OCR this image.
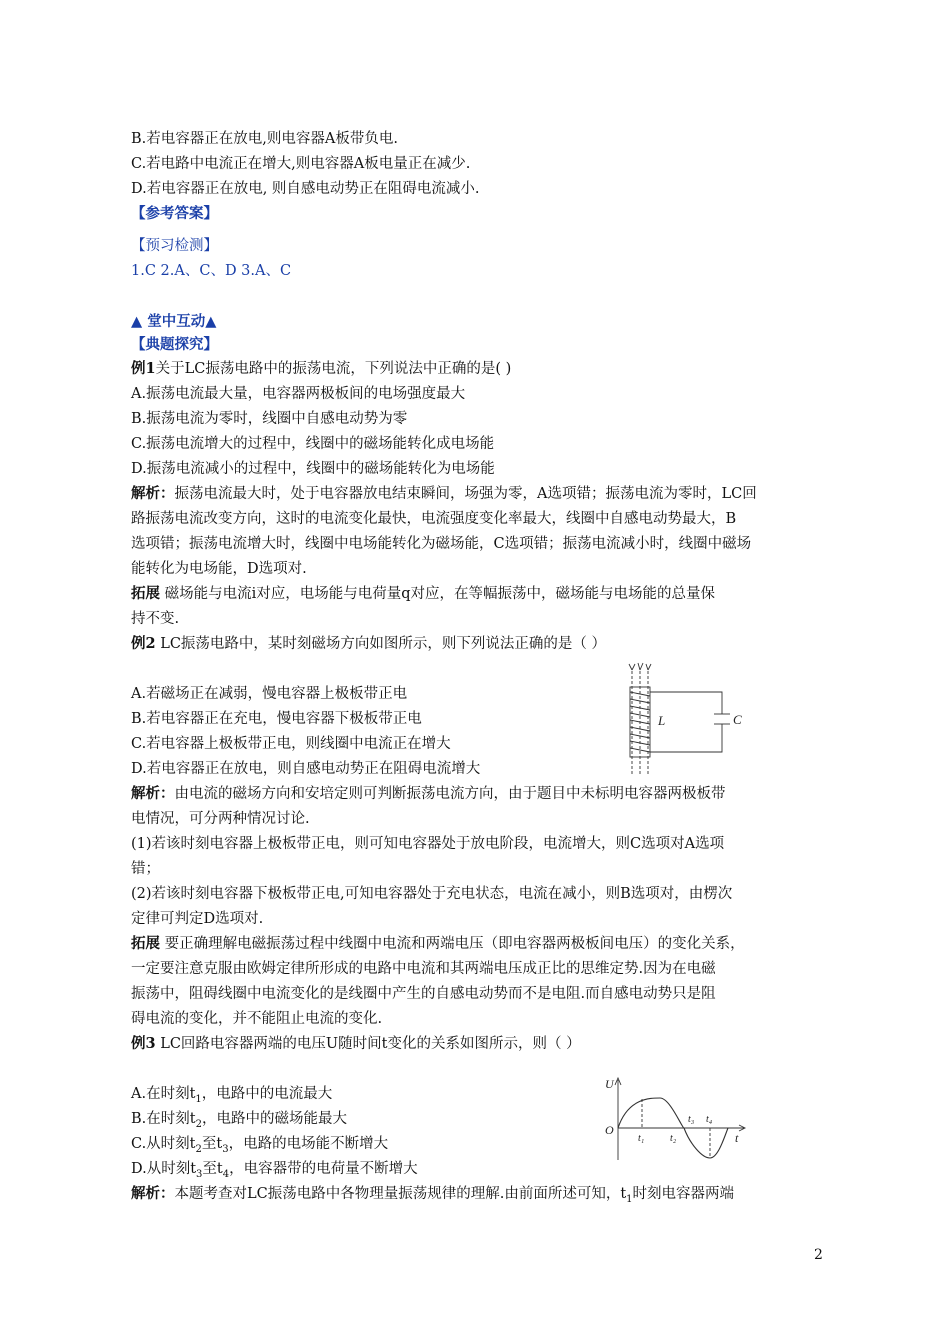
B.若电容器正在放电,则电容器A板带负电.
C.若电路中电流正在增大,则电容器A板电量正在减少.
D.若电容器正在放电, 则自感电动势正在阻碍电流减小.
【参考答案】
【预习检测】
1.C 2.A、C、D 3.A、C
▲ 堂中互动▲
【典题探究】
例1关于LC振荡电路中的振荡电流，下列说法中正确的是( )
A.振荡电流最大量，电容器两极板间的电场强度最大
B.振荡电流为零时，线圈中自感电动势为零
C.振荡电流增大的过程中，线圈中的磁场能转化成电场能
D.振荡电流减小的过程中，线圈中的磁场能转化为电场能
解析：振荡电流最大时，处于电容器放电结束瞬间，场强为零，A选项错；振荡电流为零时，LC回
路振荡电流改变方向，这时的电流变化最快，电流强度变化率最大，线圈中自感电动势最大，B
选项错；振荡电流增大时，线圈中电场能转化为磁场能，C选项错；振荡电流减小时，线圈中磁场
能转化为电场能，D选项对.
拓展 磁场能与电流i对应，电场能与电荷量q对应，在等幅振荡中，磁场能与电场能的总量保
持不变.
例2 LC振荡电路中，某时刻磁场方向如图所示，则下列说法正确的是（ ）
A.若磁场正在减弱，慢电容器上极板带正电
B.若电容器正在充电，慢电容器下极板带正电
C.若电容器上极板带正电，则线圈中电流正在增大
D.若电容器正在放电，则自感电动势正在阻碍电流增大
L	C
解析：由电流的磁场方向和安培定则可判断振荡电流方向，由于题目中未标明电容器两极板带
电情况，可分两种情况讨论.
(1)若该时刻电容器上极板带正电，则可知电容器处于放电阶段，电流增大，则C选项对A选项
错；
(2)若该时刻电容器下极板带正电,可知电容器处于充电状态，电流在减小，则B选项对，由楞次
定律可判定D选项对.
拓展 要正确理解电磁振荡过程中线圈中电流和两端电压（即电容器两极板间电压）的变化关系，
一定要注意克服由欧姆定律所形成的电路中电流和其两端电压成正比的思维定势.因为在电磁
振荡中，阻碍线圈中电流变化的是线圈中产生的自感电动势而不是电阻.而自感电动势只是阻
碍电流的变化，并不能阻止电流的变化.
例3 LC回路电容器两端的电压U随时间t变化的关系如图所示，则（ ）
A.在时刻$t_1$，电路中的电流最大
B.在时刻$t_2$，电路中的磁场能最大
C.从时刻$t_2$至$t_3$，电路的电场能不断增大
D.从时刻$t_3$至$t_4$，电容器带的电荷量不断增大
U
O
t
t₁	t₂
t₃ t₄
解析：本题考查对LC振荡电路中各物理量振荡规律的理解.由前面所述可知，$t_1$时刻电容器两端
2
